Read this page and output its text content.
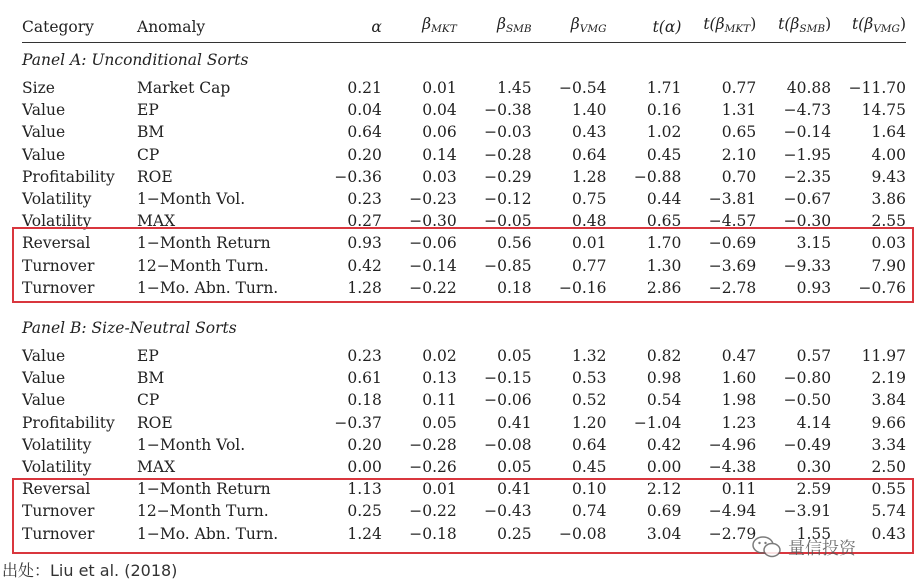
Category	Anomaly	α	$\beta_{MKT}$	$\beta_{SMB}$	$\beta_{VMG}$	t(α)	$t(\beta_{MKT})$	$t(\beta_{SMB})$	$t(\beta_{VMG})$
Panel A: Unconditional Sorts									
Size	Market Cap	0.21	0.01	1.45	−0.54	1.71	0.77	40.88	−11.70
Value	EP	0.04	0.04	−0.38	1.40	0.16	1.31	−4.73	14.75
Value	BM	0.64	0.06	−0.03	0.43	1.02	0.65	−0.14	1.64
Value	CP	0.20	0.14	−0.28	0.64	0.45	2.10	−1.95	4.00
Profitability	ROE	−0.36	0.03	−0.29	1.28	−0.88	0.70	−2.35	9.43
Volatility	1−Month Vol.	0.23	−0.23	−0.12	0.75	0.44	−3.81	−0.67	3.86
Volatility	MAX	0.27	−0.30	−0.05	0.48	0.65	−4.57	−0.30	2.55
Reversal	1−Month Return	0.93	−0.06	0.56	0.01	1.70	−0.69	3.15	0.03
Turnover	12−Month Turn.	0.42	−0.14	−0.85	0.77	1.30	−3.69	−9.33	7.90
Turnover	1−Mo. Abn. Turn.	1.28	−0.22	0.18	−0.16	2.86	−2.78	0.93	−0.76

Panel B: Size-Neutral Sorts									
Value	EP	0.23	0.02	0.05	1.32	0.82	0.47	0.57	11.97
Value	BM	0.61	0.13	−0.15	0.53	0.98	1.60	−0.80	2.19
Value	CP	0.18	0.11	−0.06	0.52	0.54	1.98	−0.50	3.84
Profitability	ROE	−0.37	0.05	0.41	1.20	−1.04	1.23	4.14	9.66
Volatility	1−Month Vol.	0.20	−0.28	−0.08	0.64	0.42	−4.96	−0.49	3.34
Volatility	MAX	0.00	−0.26	0.05	0.45	0.00	−4.38	0.30	2.50
Reversal	1−Month Return	1.13	0.01	0.41	0.10	2.12	0.11	2.59	0.55
Turnover	12−Month Turn.	0.25	−0.22	−0.43	0.74	0.69	−4.94	−3.91	5.74
Turnover	1−Mo. Abn. Turn.	1.24	−0.18	0.25	−0.08	3.04	−2.79	1.55	0.43
出处：Liu et al. (2018)
量信投资
